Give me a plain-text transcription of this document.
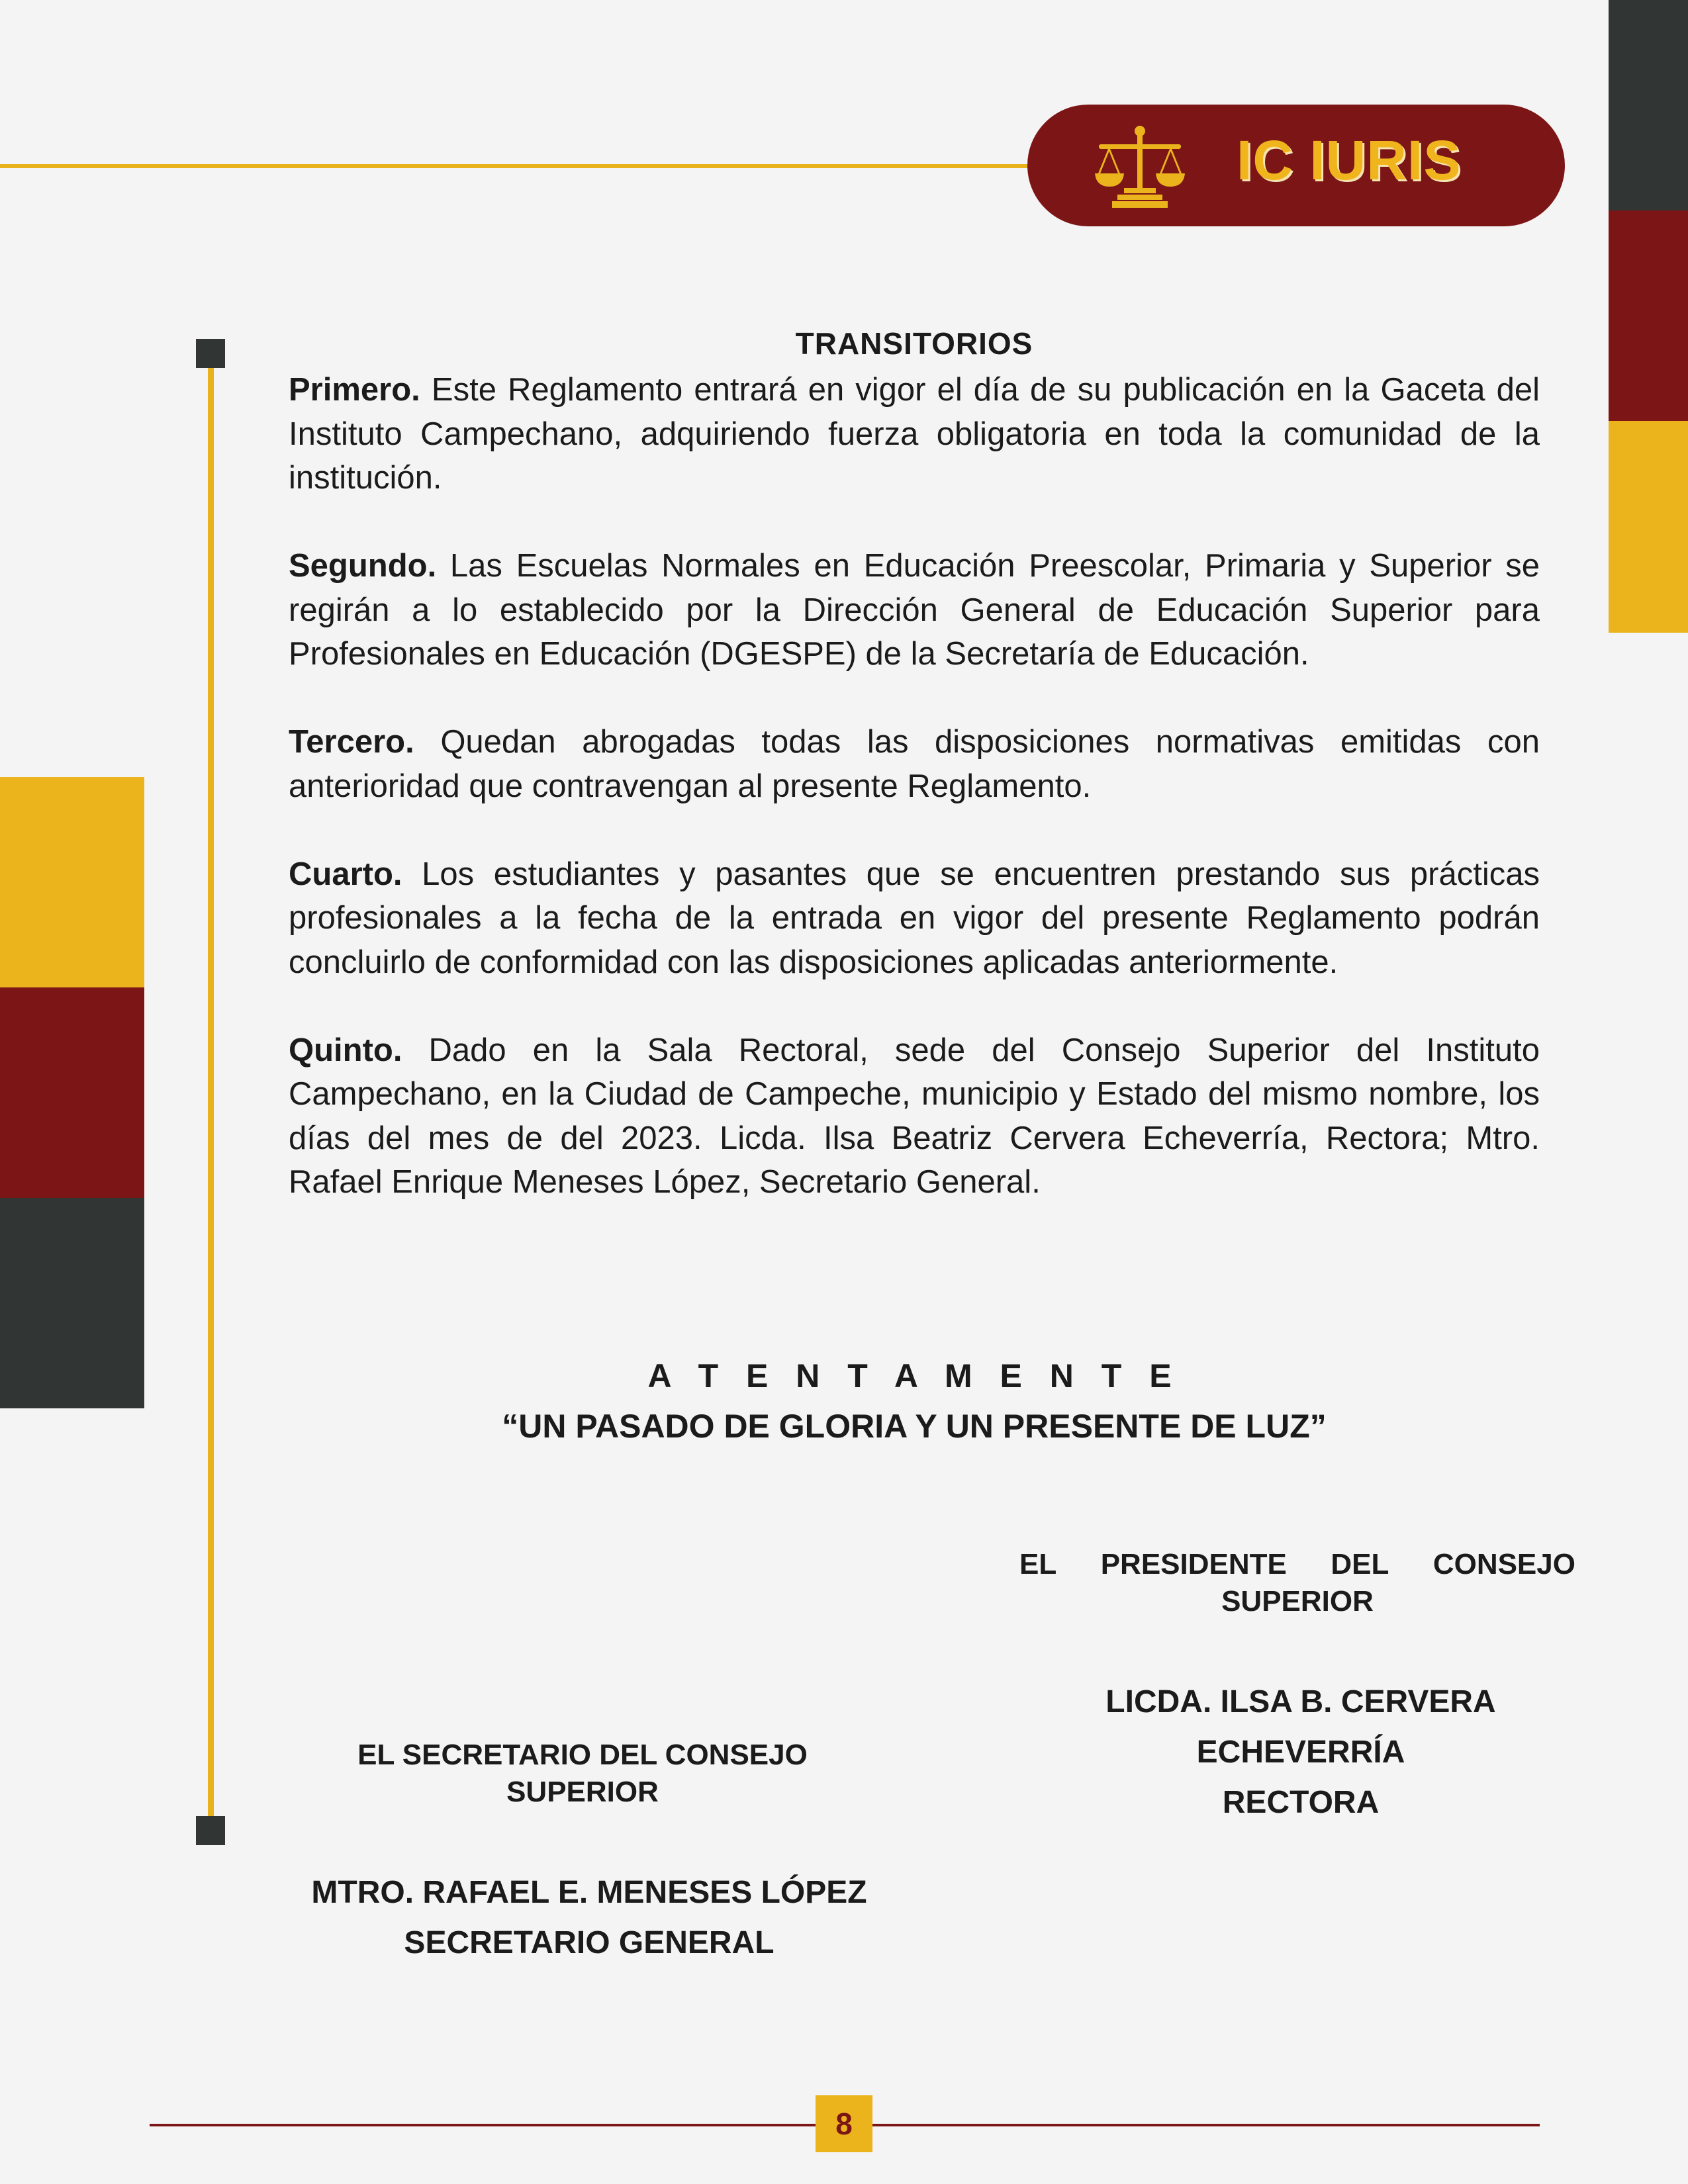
IC IURIS
TRANSITORIOS

Primero. Este Reglamento entrará en vigor el día de su publicación en la Gaceta del Instituto Campechano, adquiriendo fuerza obligatoria en toda la comunidad de la institución.

Segundo. Las Escuelas Normales en Educación Preescolar, Primaria y Superior se regirán a lo establecido por la Dirección General de Educación Superior para Profesionales en Educación (DGESPE) de la Secretaría de Educación.

Tercero. Quedan abrogadas todas las disposiciones normativas emitidas con anterioridad que contravengan al presente Reglamento.

Cuarto. Los estudiantes y pasantes que se encuentren prestando sus prácticas profesionales a la fecha de la entrada en vigor del presente Reglamento podrán concluirlo de conformidad con las disposiciones aplicadas anteriormente.

Quinto. Dado en la Sala Rectoral, sede del Consejo Superior del Instituto Campechano, en la Ciudad de Campeche, municipio y Estado del mismo nombre, los días del mes de del 2023. Licda. Ilsa Beatriz Cervera Echeverría, Rectora; Mtro. Rafael Enrique Meneses López, Secretario General.

A T E N T A M E N T E
“UN PASADO DE GLORIA Y UN PRESENTE DE LUZ”
EL PRESIDENTE DEL CONSEJO
SUPERIOR
LICDA. ILSA B. CERVERA
ECHEVERRÍA
RECTORA
EL SECRETARIO DEL CONSEJO
SUPERIOR
MTRO. RAFAEL E. MENESES LÓPEZ
SECRETARIO GENERAL
8
